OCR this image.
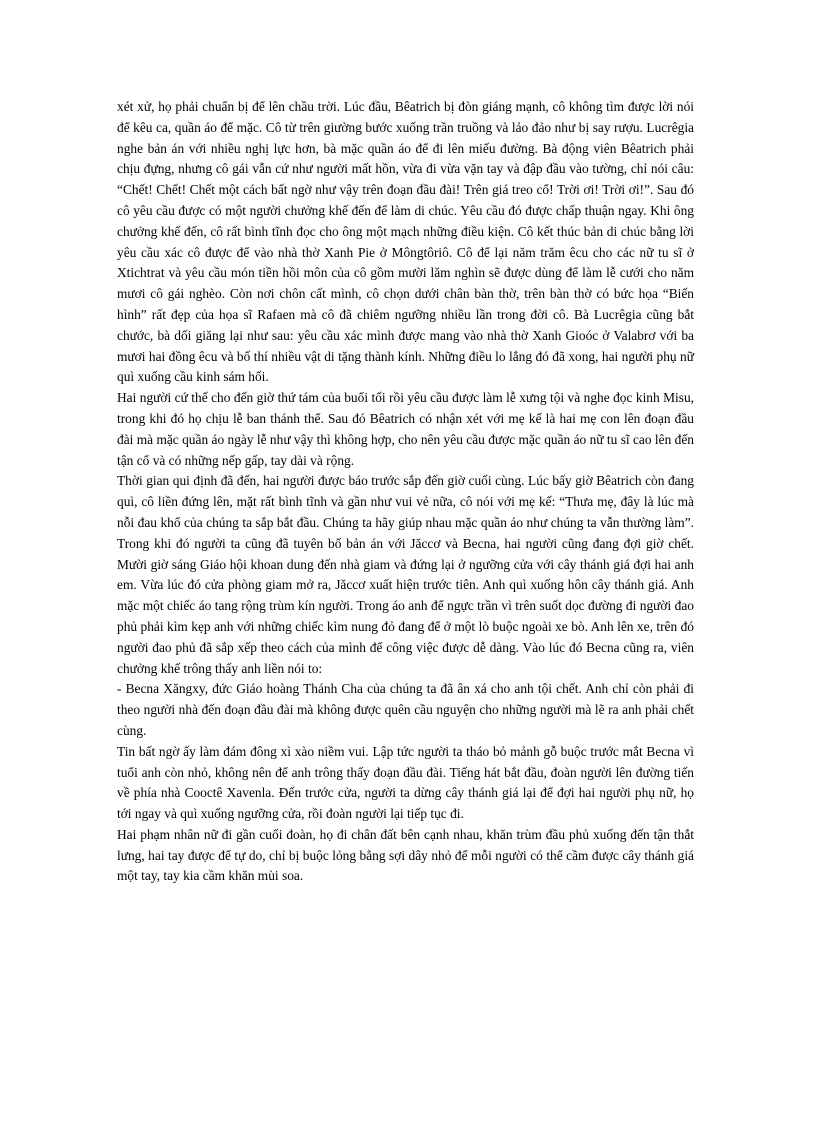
xét xử, họ phải chuẩn bị để lên chầu trời. Lúc đầu, Bêatrich bị đòn giáng mạnh, cô không tìm được lời nói để kêu ca, quần áo để mặc. Cô từ trên giường bước xuống trần truồng và lảo đảo như bị say rượu. Lucrêgia nghe bản án với nhiều nghị lực hơn, bà mặc quần áo để đi lên miếu đường. Bà động viên Bêatrich phải chịu đựng, nhưng cô gái vẫn cứ như người mất hồn, vừa đi vừa vặn tay và đập đầu vào tường, chỉ nói câu: “Chết! Chết! Chết một cách bất ngờ như vậy trên đoạn đầu đài! Trên giá treo cổ! Trời ơi! Trời ơi!”. Sau đó cô yêu cầu được có một người chưởng khế đến để làm di chúc. Yêu cầu đó được chấp thuận ngay. Khi ông chưởng khế đến, cô rất bình tĩnh đọc cho ông một mạch những điều kiện. Cô kết thúc bản di chúc bằng lời yêu cầu xác cô được để vào nhà thờ Xanh Pie ở Môngtôriô. Cô để lại năm trăm êcu cho các nữ tu sĩ ở Xtichtrat và yêu cầu món tiền hồi môn của cô gồm mười lăm nghìn sẽ được dùng để làm lễ cưới cho năm mươi cô gái nghèo. Còn nơi chôn cất mình, cô chọn dưới chân bàn thờ, trên bàn thờ có bức họa “Biến hình” rất đẹp của họa sĩ Rafaen mà cô đã chiêm ngưỡng nhiều lần trong đời cô. Bà Lucrêgia cũng bắt chước, bà dối giăng lại như sau: yêu cầu xác mình được mang vào nhà thờ Xanh Gioóc ở Valabrơ với ba mươi hai đồng êcu và bố thí nhiều vật di tặng thành kính. Những điều lo lắng đó đã xong, hai người phụ nữ quì xuống cầu kinh sám hối.

Hai người cứ thế cho đến giờ thứ tám của buổi tối rồi yêu cầu được làm lễ xưng tội và nghe đọc kinh Misu, trong khi đó họ chịu lễ ban thánh thể. Sau đó Bêatrich có nhận xét với mẹ kế là hai mẹ con lên đoạn đầu đài mà mặc quần áo ngày lễ như vậy thì không hợp, cho nên yêu cầu được mặc quần áo nữ tu sĩ cao lên đến tận cổ và có những nếp gấp, tay dài và rộng.

Thời gian qui định đã đến, hai người được báo trước sắp đến giờ cuối cùng. Lúc bấy giờ Bêatrich còn đang quì, cô liền đứng lên, mặt rất bình tĩnh và gần như vui vẻ nữa, cô nói với mẹ kế: “Thưa mẹ, đây là lúc mà nỗi đau khổ của chúng ta sắp bắt đầu. Chúng ta hãy giúp nhau mặc quần áo như chúng ta vẫn thường làm”. Trong khi đó người ta cũng đã tuyên bố bản án với Jăccơ và Becna, hai người cũng đang đợi giờ chết. Mười giờ sáng Giáo hội khoan dung đến nhà giam và đứng lại ở ngưỡng cửa với cây thánh giá đợi hai anh em. Vừa lúc đó cửa phòng giam mở ra, Jăccơ xuất hiện trước tiên. Anh quì xuống hôn cây thánh giá. Anh mặc một chiếc áo tang rộng trùm kín người. Trong áo anh để ngực trần vì trên suốt dọc đường đi người đao phủ phải kìm kẹp anh với những chiếc kìm nung đỏ đang để ở một lò buộc ngoài xe bò. Anh lên xe, trên đó người đao phủ đã sắp xếp theo cách của mình để công việc được dễ dàng. Vào lúc đó Becna cũng ra, viên chưởng khế trông thấy anh liền nói to:

- Becna Xăngxy, đức Giáo hoàng Thánh Cha của chúng ta đã ân xá cho anh tội chết. Anh chỉ còn phải đi theo người nhà đến đoạn đầu đài mà không được quên cầu nguyện cho những người mà lẽ ra anh phải chết cùng.

Tin bất ngờ ấy làm đám đông xì xào niềm vui. Lập tức người ta tháo bỏ mảnh gỗ buộc trước mắt Becna vì tuổi anh còn nhỏ, không nên để anh trông thấy đoạn đầu đài. Tiếng hát bắt đầu, đoàn người lên đường tiến về phía nhà Cooctê Xavenla. Đến trước cửa, người ta dừng cây thánh giá lại để đợi hai người phụ nữ, họ tới ngay và quì xuống ngưỡng cửa, rồi đoàn người lại tiếp tục đi.

Hai phạm nhân nữ đi gần cuối đoàn, họ đi chân đất bên cạnh nhau, khăn trùm đầu phủ xuống đến tận thắt lưng, hai tay được để tự do, chỉ bị buộc lỏng bằng sợi dây nhỏ để mỗi người có thể cầm được cây thánh giá một tay, tay kia cầm khăn mùi soa.
